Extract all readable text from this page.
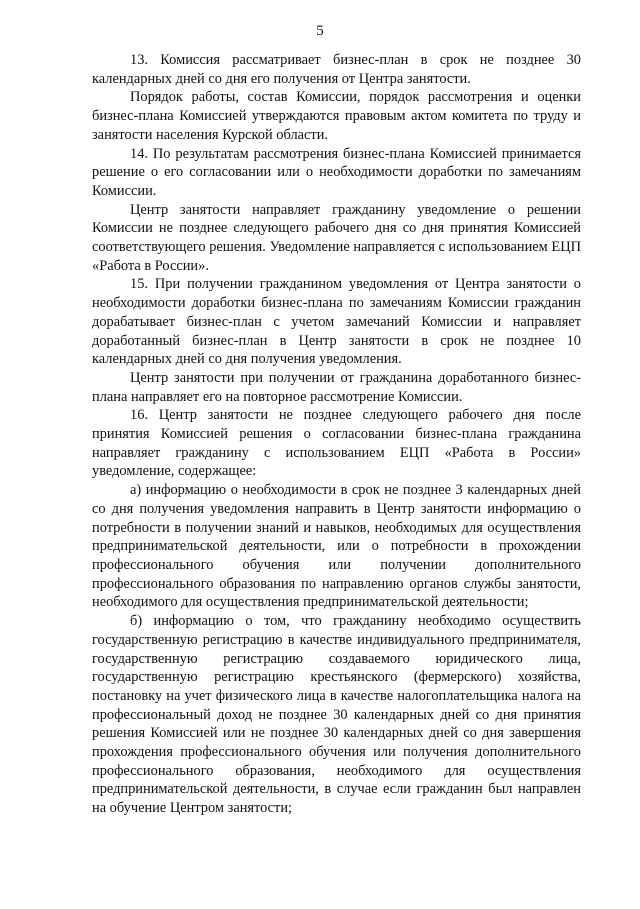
5

13. Комиссия рассматривает бизнес-план в срок не позднее 30 календарных дней со дня его получения от Центра занятости.

Порядок работы, состав Комиссии, порядок рассмотрения и оценки бизнес-плана Комиссией утверждаются правовым актом комитета по труду и занятости населения Курской области.

14. По результатам рассмотрения бизнес-плана Комиссией принимается решение о его согласовании или о необходимости доработки по замечаниям Комиссии.

Центр занятости направляет гражданину уведомление о решении Комиссии не позднее следующего рабочего дня со дня принятия Комиссией соответствующего решения. Уведомление направляется с использованием ЕЦП «Работа в России».

15. При получении гражданином уведомления от Центра занятости о необходимости доработки бизнес-плана по замечаниям Комиссии гражданин дорабатывает бизнес-план с учетом замечаний Комиссии и направляет доработанный бизнес-план в Центр занятости в срок не позднее 10 календарных дней со дня получения уведомления.

Центр занятости при получении от гражданина доработанного бизнес-плана направляет его на повторное рассмотрение Комиссии.

16. Центр занятости не позднее следующего рабочего дня после принятия Комиссией решения о согласовании бизнес-плана гражданина направляет гражданину с использованием ЕЦП «Работа в России» уведомление, содержащее:

а) информацию о необходимости в срок не позднее 3 календарных дней со дня получения уведомления направить в Центр занятости информацию о потребности в получении знаний и навыков, необходимых для осуществления предпринимательской деятельности, или о потребности в прохождении профессионального обучения или получении дополнительного профессионального образования по направлению органов службы занятости, необходимого для осуществления предпринимательской деятельности;

б) информацию о том, что гражданину необходимо осуществить государственную регистрацию в качестве индивидуального предпринимателя, государственную регистрацию создаваемого юридического лица, государственную регистрацию крестьянского (фермерского) хозяйства, постановку на учет физического лица в качестве налогоплательщика налога на профессиональный доход не позднее 30 календарных дней со дня принятия решения Комиссией или не позднее 30 календарных дней со дня завершения прохождения профессионального обучения или получения дополнительного профессионального образования, необходимого для осуществления предпринимательской деятельности, в случае если гражданин был направлен на обучение Центром занятости;
